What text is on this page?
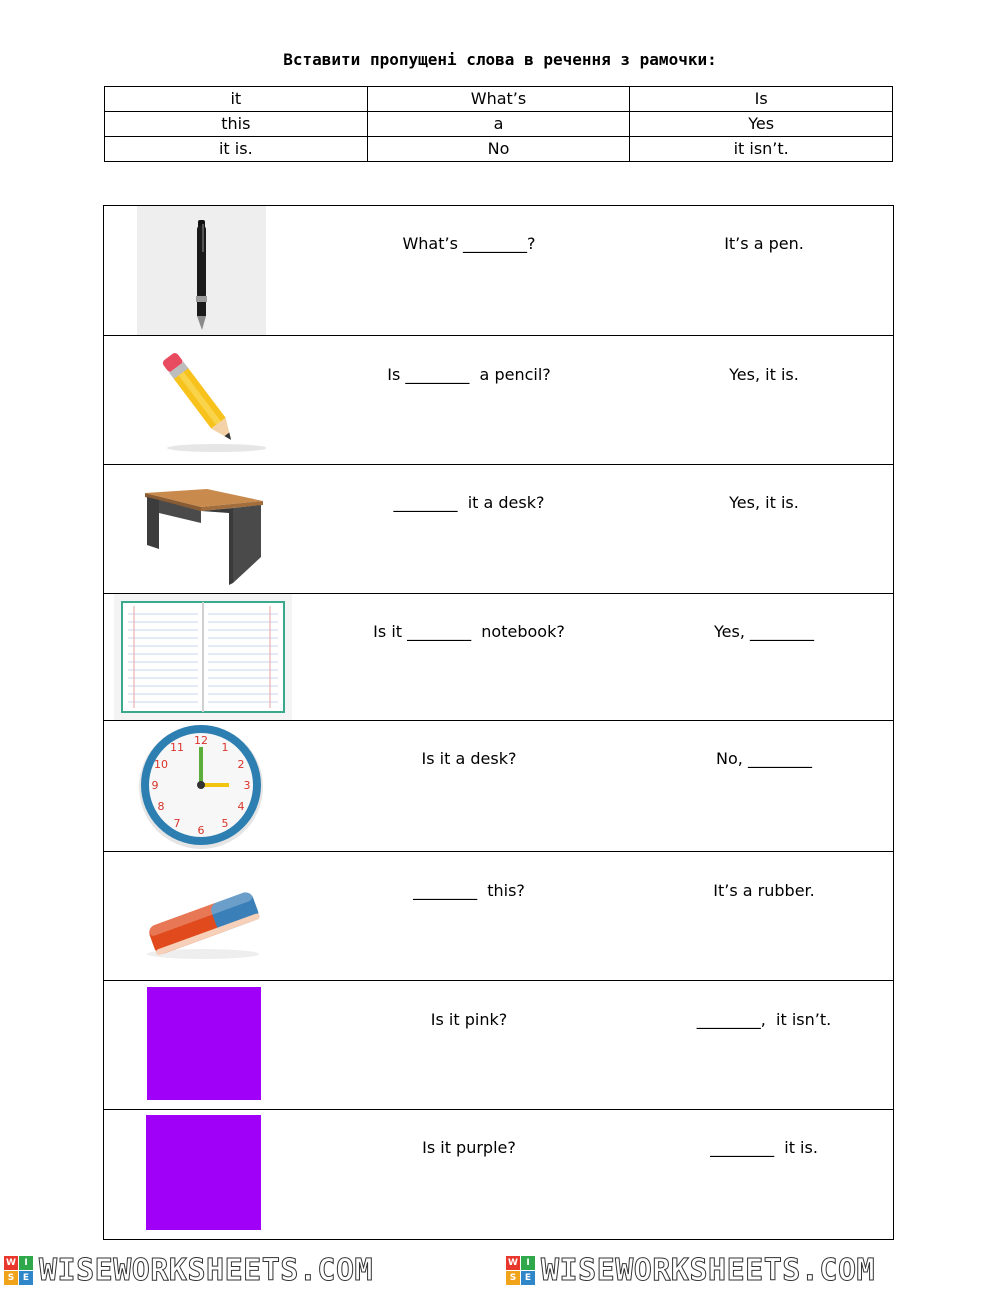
Вставити пропущені слова в речення з рамочки:
it	What’s	Is
this	a	Yes
it is.	No	it isn’t.
What’s ________?	It’s a pen.
Is ________  a pencil?	Yes, it is.
________  it a desk?	Yes, it is.
Is it ________  notebook?	Yes, ________
12
1
2
3
4
5
6
7
8
9
10
11
Is it a desk?	No, ________
________  this?	It’s a rubber.
Is it pink?	________,  it isn’t.
Is it purple?	________  it is.
W I
S E WISEWORKSHEETS.COM	W I
S E WISEWORKSHEETS.COM
